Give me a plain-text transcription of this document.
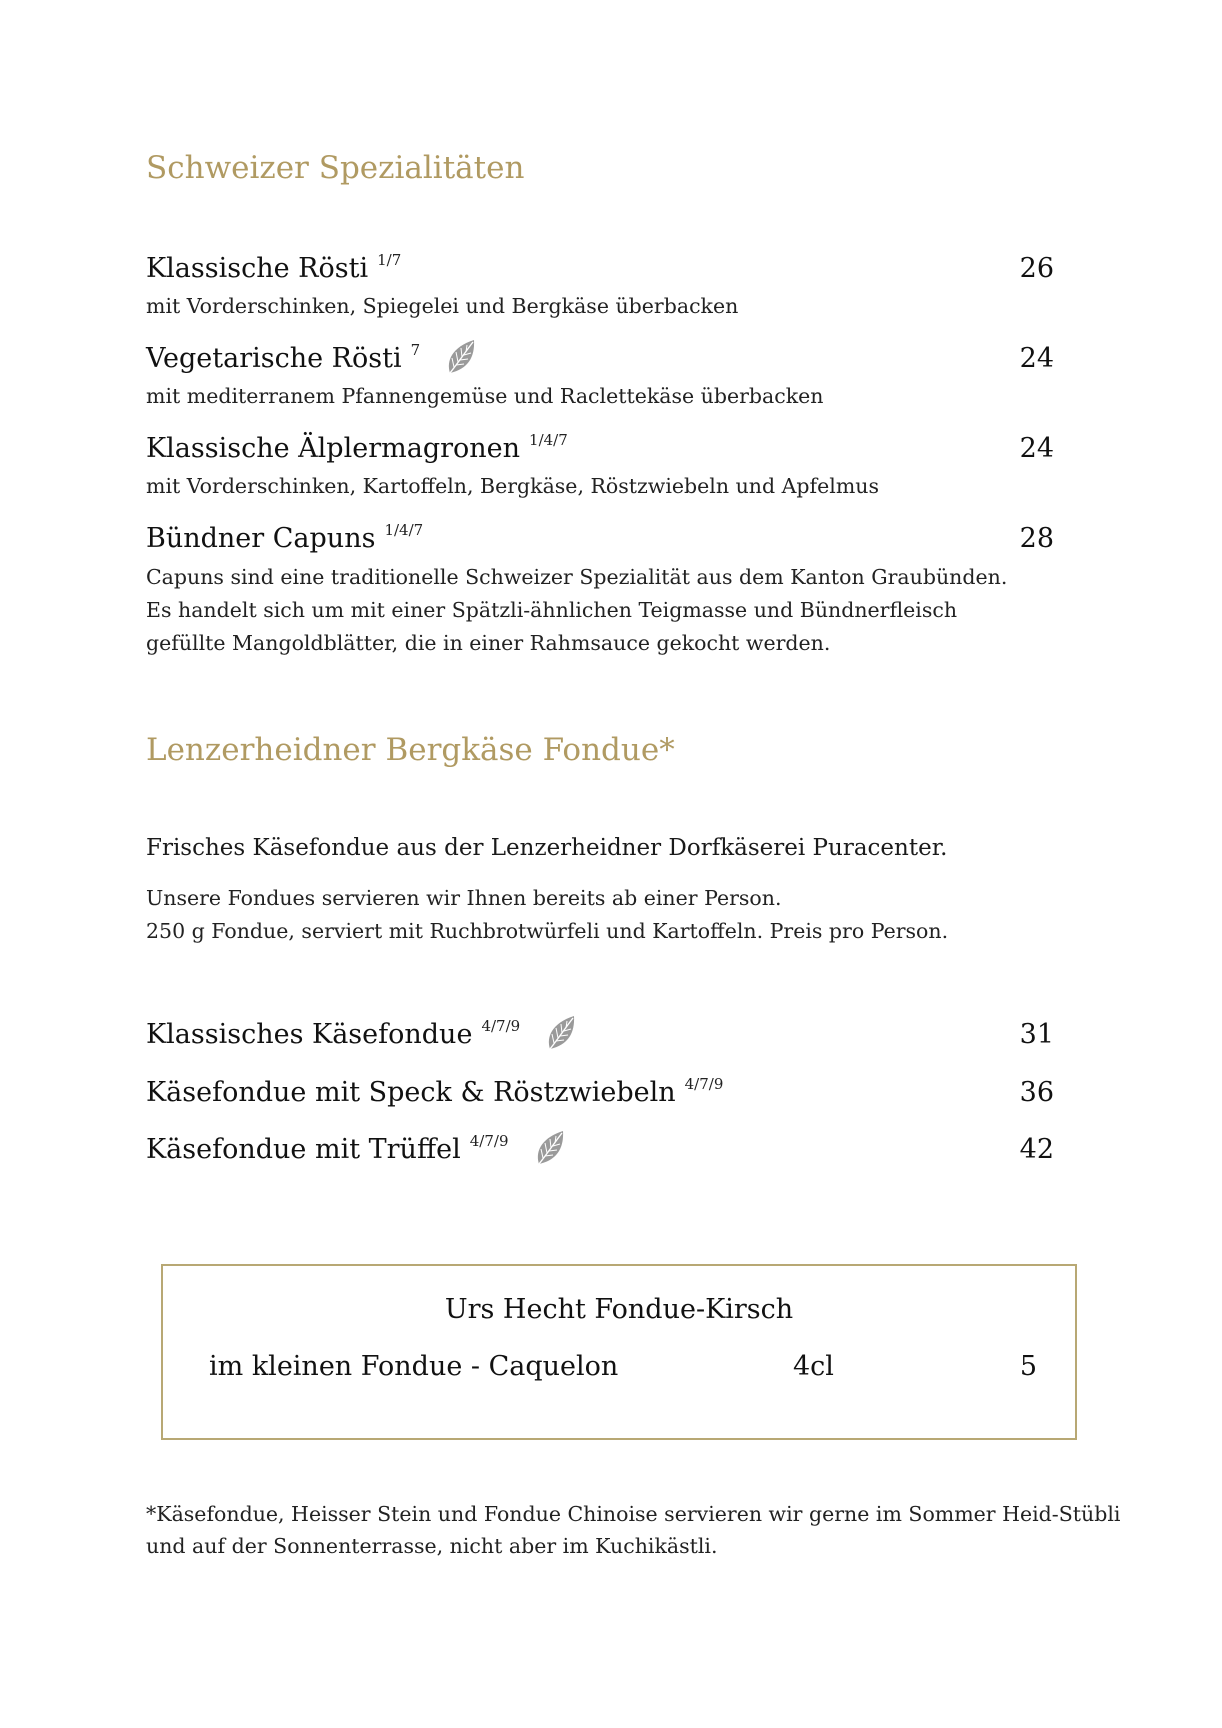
Schweizer Spezialitäten
Klassische Rösti $^{1/7}$	26
mit Vorderschinken, Spiegelei und Bergkäse überbacken
Vegetarische Rösti $^7$	24
mit mediterranem Pfannengemüse und Raclettekäse überbacken
Klassische Älplermagronen $^{1/4/7}$	24
mit Vorderschinken, Kartoffeln, Bergkäse, Röstzwiebeln und Apfelmus
Bündner Capuns $^{1/4/7}$	28
Capuns sind eine traditionelle Schweizer Spezialität aus dem Kanton Graubünden.
Es handelt sich um mit einer Spätzli-ähnlichen Teigmasse und Bündnerfleisch
gefüllte Mangoldblätter, die in einer Rahmsauce gekocht werden.
Lenzerheidner Bergkäse Fondue*
Frisches Käsefondue aus der Lenzerheidner Dorfkäserei Puracenter.
Unsere Fondues servieren wir Ihnen bereits ab einer Person.
250 g Fondue, serviert mit Ruchbrotwürfeli und Kartoffeln. Preis pro Person.
Klassisches Käsefondue $^{4/7/9}$	31
Käsefondue mit Speck & Röstzwiebeln $^{4/7/9}$	36
Käsefondue mit Trüffel $^{4/7/9}$	42
Urs Hecht Fondue-Kirsch
im kleinen Fondue - Caquelon	4cl	5
*Käsefondue, Heisser Stein und Fondue Chinoise servieren wir gerne im Sommer Heid-Stübli
und auf der Sonnenterrasse, nicht aber im Kuchikästli.
